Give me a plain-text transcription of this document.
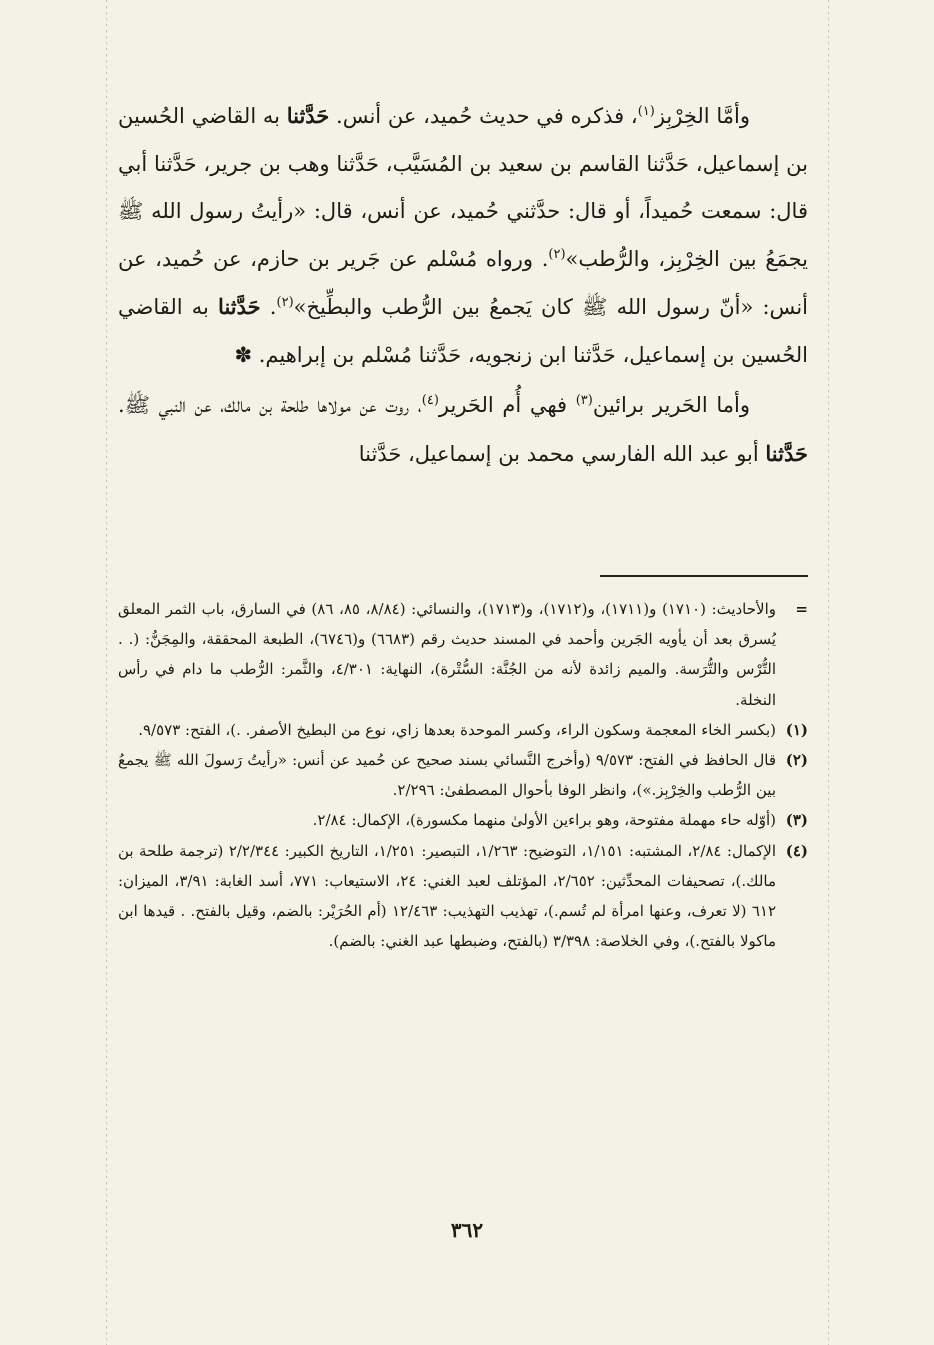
وأمَّا الخِرْبِز$^{(١)}$، فذكره في حديث حُميد، عن أنس. حَدَّثنا به القاضي الحُسين بن إسماعيل، حَدَّثنا القاسم بن سعيد بن المُسَيَّب، حَدَّثنا وهب بن جرير، حَدَّثنا أبي قال: سمعت حُميداً، أو قال: حدَّثني حُميد، عن أنس، قال: «رأيتُ رسول الله ﷺ يجمَعُ بين الخِرْبِز، والرُّطب»$^{(٢)}$. ورواه مُسْلم عن جَرير بن حازم، عن حُميد، عن أنس: «أنّ رسول الله ﷺ كان يَجمعُ بين الرُّطب والبطِّيخ»$^{(٢)}$. حَدَّثنا به القاضي الحُسين بن إسماعيل، حَدَّثنا ابن زنجويه، حَدَّثنا مُسْلم بن إبراهيم. ✽

وأما الحَرير برائين$^{(٣)}$ فهي أُم الحَرير$^{(٤)}$، روت عن مولاها طلحة بن مالك، عن النبي ﷺ. حَدَّثنا أبو عبد الله الفارسي محمد بن إسماعيل، حَدَّثنا

=
والأحاديث: (١٧١٠) و(١٧١١)، و(١٧١٢)، و(١٧١٣)، والنسائي: (٨/٨٤، ٨٥، ٨٦) في السارق، باب الثمر المعلق يُسرق بعد أن يأويه الجَرين وأحمد في المسند حديث رقم (٦٦٨٣) و(٦٧٤٦)، الطبعة المحققة، والمِجَنُّ: (. . التُّرْس والتُّرَسة. والميم زائدة لأنه من الجُنَّة: السُّتْرة)، النهاية: ٤/٣٠١، والثَّمر: الرُّطب ما دام في رأس النخلة.
(١)
(بكسر الخاء المعجمة وسكون الراء، وكسر الموحدة بعدها زاي، نوع من البطيخ الأصفر. .)، الفتح: ٩/٥٧٣.
(٢)
قال الحافظ في الفتح: ٩/٥٧٣ (وأخرج النَّسائي بسند صحيح عن حُميد عن أنس: «رأيتُ رَسولَ الله ﷺ يجمعُ بين الرُّطب والخِرْبِز.»)، وانظر الوفا بأحوال المصطفىٰ: ٢/٢٩٦.
(٣)
(أوّله حاء مهملة مفتوحة، وهو براءين الأولىٰ منهما مكسورة)، الإكمال: ٢/٨٤.
(٤)
الإكمال: ٢/٨٤، المشتبه: ١/١٥١، التوضيح: ١/٢٦٣، التبصير: ١/٢٥١، التاريخ الكبير: ٢/٢/٣٤٤ (ترجمة طلحة بن مالك.)، تصحيفات المحدِّثين: ٢/٦٥٢، المؤتلف لعبد الغني: ٢٤، الاستيعاب: ٧٧١، أسد الغابة: ٣/٩١، الميزان: ٦١٢ (لا تعرف، وعنها امرأة لم تُسم.)، تهذيب التهذيب: ١٢/٤٦٣ (أم الحُرَيْر: بالضم، وقيل بالفتح. . قيدها ابن ماكولا بالفتح.)، وفي الخلاصة: ٣/٣٩٨ (بالفتح، وضبطها عبد الغني: بالضم).
٣٦٢
